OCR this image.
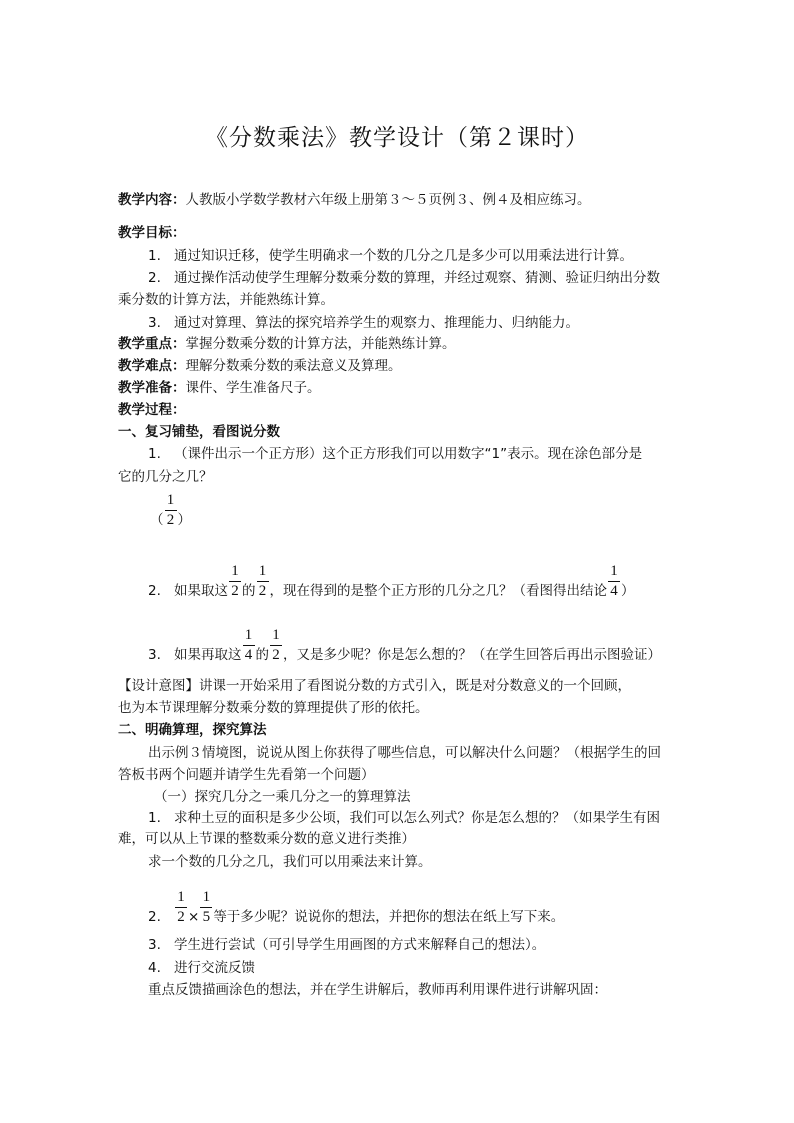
《分数乘法》教学设计（第２课时）
教学内容：人教版小学数学教材六年级上册第３～５页例３、例４及相应练习。
教学目标：
1. 通过知识迁移，使学生明确求一个数的几分之几是多少可以用乘法进行计算。
2. 通过操作活动使学生理解分数乘分数的算理，并经过观察、猜测、验证归纳出分数
乘分数的计算方法，并能熟练计算。
3. 通过对算理、算法的探究培养学生的观察力、推理能力、归纳能力。
教学重点：掌握分数乘分数的计算方法，并能熟练计算。
教学难点：理解分数乘分数的乘法意义及算理。
教学准备：课件、学生准备尺子。
教学过程：
一、复习铺垫，看图说分数
1. （课件出示一个正方形）这个正方形我们可以用数字“1”表示。现在涂色部分是
它的几分之几？
（ $\frac{1}{2}$ ）
2. 如果取这 $\frac{1}{2}$ 的 $\frac{1}{2}$ ，现在得到的是整个正方形的几分之几？（看图得出结论 $\frac{1}{4}$ ）
3. 如果再取这 $\frac{1}{4}$ 的 $\frac{1}{2}$ ，又是多少呢？你是怎么想的？（在学生回答后再出示图验证）
【设计意图】讲课一开始采用了看图说分数的方式引入，既是对分数意义的一个回顾，
也为本节课理解分数乘分数的算理提供了形的依托。
二、明确算理，探究算法
出示例３情境图，说说从图上你获得了哪些信息，可以解决什么问题？（根据学生的回
答板书两个问题并请学生先看第一个问题）
（一）探究几分之一乘几分之一的算理算法
1. 求种土豆的面积是多少公顷，我们可以怎么列式？你是怎么想的？（如果学生有困
难，可以从上节课的整数乘分数的意义进行类推）
求一个数的几分之几，我们可以用乘法来计算。
2. $\frac{1}{2} \times \frac{1}{5}$ 等于多少呢？说说你的想法，并把你的想法在纸上写下来。
3. 学生进行尝试（可引导学生用画图的方式来解释自己的想法）。
4. 进行交流反馈
重点反馈描画涂色的想法，并在学生讲解后，教师再利用课件进行讲解巩固：
